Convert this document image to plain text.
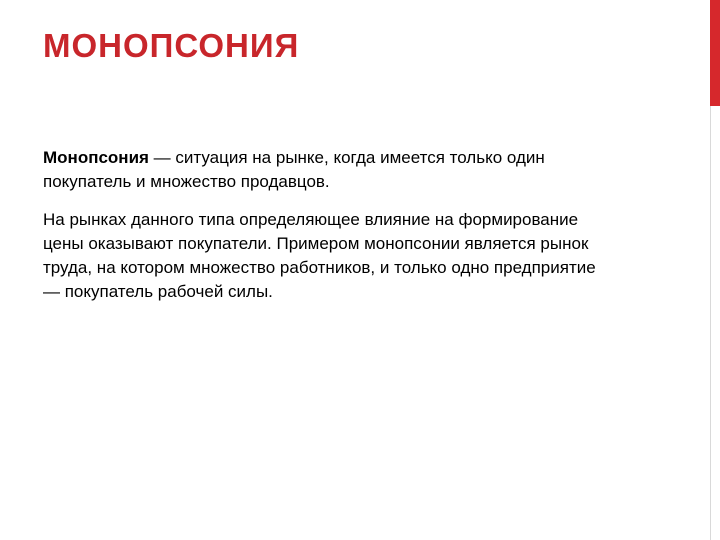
МОНОПСОНИЯ

Монопсония — ситуация на рынке, когда имеется только один покупатель и множество продавцов.

На рынках данного типа определяющее влияние на формирование цены оказывают покупатели. Примером монопсонии является рынок труда, на котором множество работников, и только одно предприятие — покупатель рабочей силы.
